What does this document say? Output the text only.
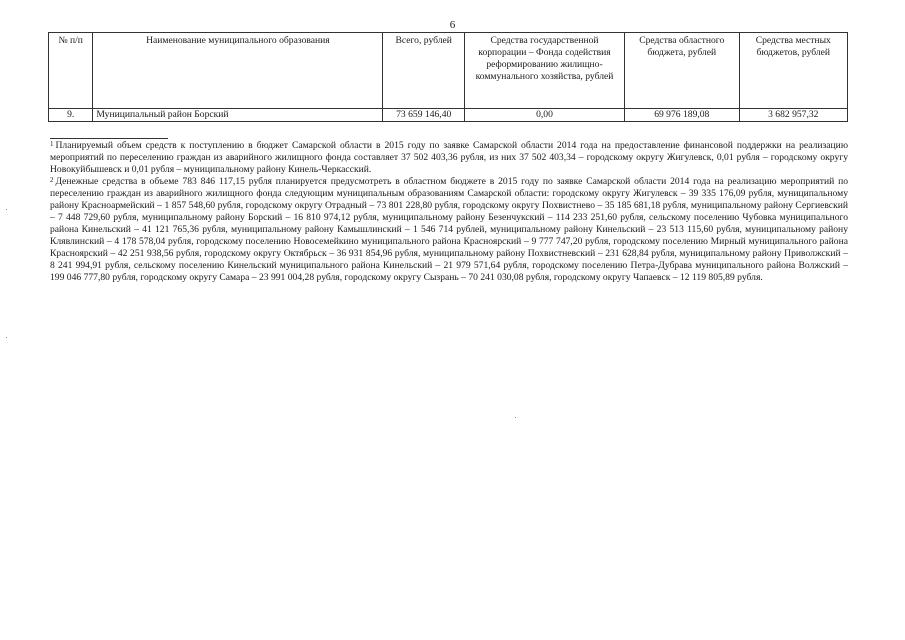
6
№ п/п	Наименование муниципального образования	Всего, рублей	Средства государственной корпорации – Фонда содействия реформированию жилищно-коммунального хозяйства, рублей	Средства областного бюджета, рублей	Средства местных бюджетов, рублей
9.	Муниципальный район Борский	73 659 146,40	0,00	69 976 189,08	3 682 957,32

$^1$ Планируемый объем средств к поступлению в бюджет Самарской области в 2015 году по заявке Самарской области 2014 года на предоставление финансовой поддержки на реализацию мероприятий по переселению граждан из аварийного жилищного фонда составляет 37 502 403,36 рубля, из них 37 502 403,34 – городскому округу Жигулевск, 0,01 рубля – городскому округу Новокуйбышевск и 0,01 рубля – муниципальному району Кинель-Черкасский.

$^2$ Денежные средства в объеме 783 846 117,15 рубля планируется предусмотреть в областном бюджете в 2015 году по заявке Самарской области 2014 года на реализацию мероприятий по переселению граждан из аварийного жилищного фонда следующим муниципальным образованиям Самарской области: городскому округу Жигулевск – 39 335 176,09 рубля, муниципальному району Красноармейский – 1 857 548,60 рубля, городскому округу Отрадный – 73 801 228,80 рубля, городскому округу Похвистнево – 35 185 681,18 рубля, муниципальному району Сергиевский – 7 448 729,60 рубля, муниципальному району Борский – 16 810 974,12 рубля, муниципальному району Безенчукский – 114 233 251,60 рубля, сельскому поселению Чубовка муниципального района Кинельский – 41 121 765,36 рубля, муниципальному району Камышлинский – 1 546 714 рублей, муниципальному району Кинельский – 23 513 115,60 рубля, муниципальному району Клявлинский – 4 178 578,04 рубля, городскому поселению Новосемейкино муниципального района Красноярский – 9 777 747,20 рубля, городскому поселению Мирный муниципального района Красноярский – 42 251 938,56 рубля, городскому округу Октябрьск – 36 931 854,96 рубля, муниципальному району Похвистневский – 231 628,84 рубля, муниципальному району Приволжский – 8 241 994,91 рубля, сельскому поселению Кинельский муниципального района Кинельский – 21 979 571,64 рубля, городскому поселению Петра-Дубрава муниципального района Волжский – 199 046 777,80 рубля, городскому округу Самара – 23 991 004,28 рубля, городскому округу Сызрань – 70 241 030,08 рубля, городскому округу Чапаевск – 12 119 805,89 рубля.
